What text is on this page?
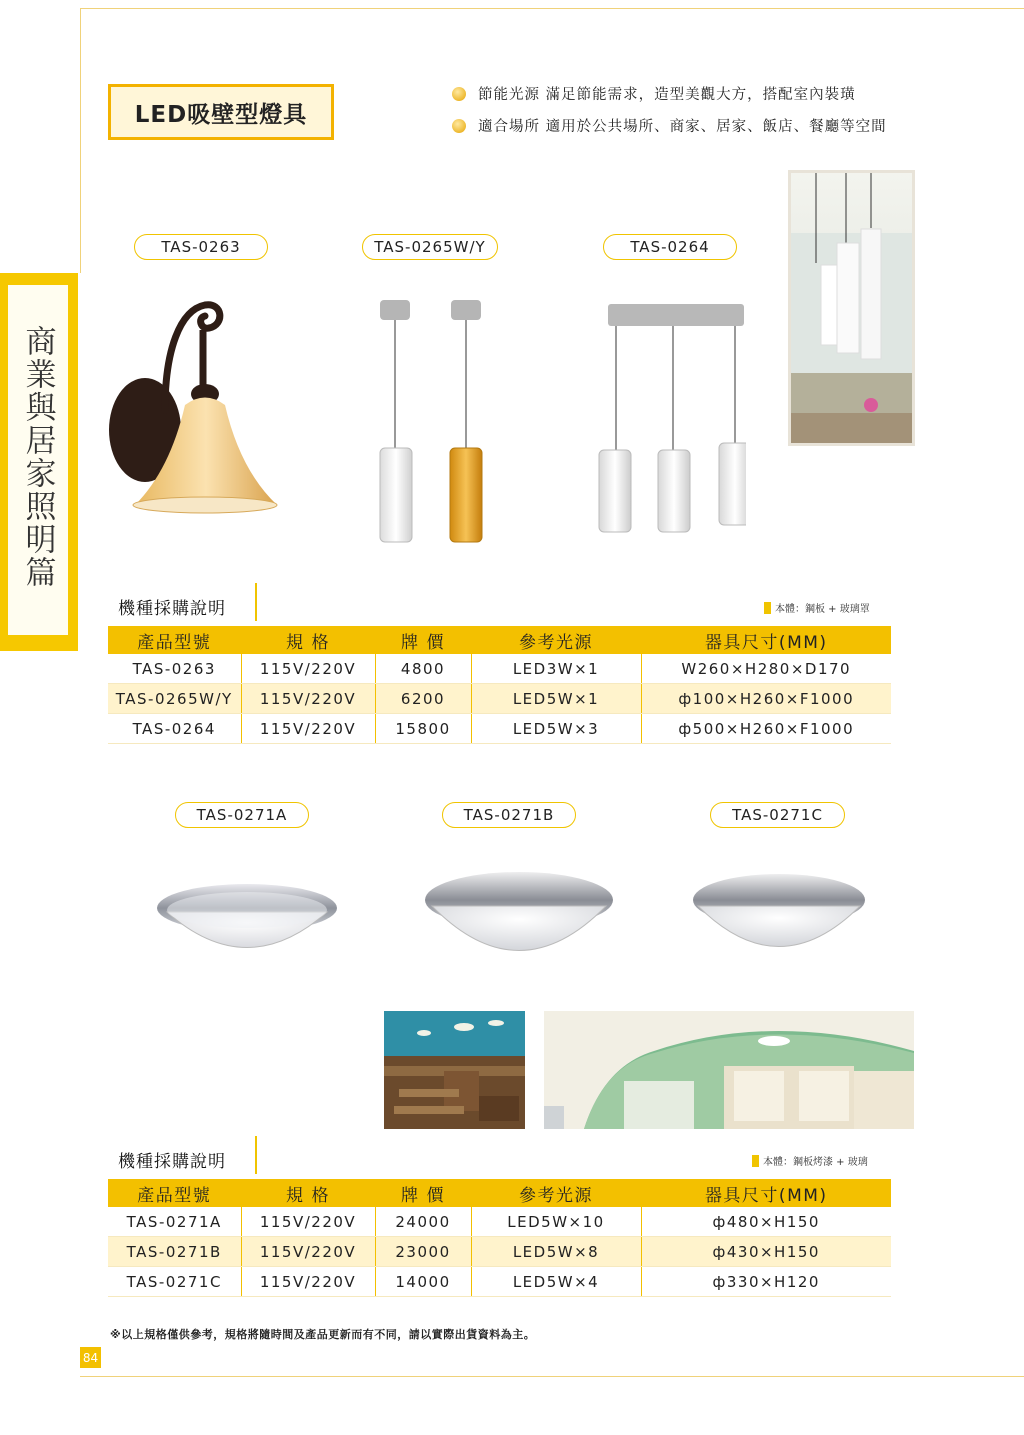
商業與居家照明篇
LED吸壁型燈具
節能光源 滿足節能需求，造型美觀大方，搭配室內裝璜
適合場所 適用於公共場所、商家、居家、飯店、餐廳等空間
TAS-0263	TAS-0265W/Y	TAS-0264
機種採購說明	本體：鋼板 + 玻璃罩
產品型號	規 格	牌 價	參考光源	器具尺寸(MM)
TAS-0263	115V/220V	4800	LED3W×1	W260×H280×D170
TAS-0265W/Y	115V/220V	6200	LED5W×1	ф100×H260×F1000
TAS-0264	115V/220V	15800	LED5W×3	ф500×H260×F1000
TAS-0271A	TAS-0271B	TAS-0271C
機種採購說明	本體：鋼板烤漆 + 玻璃
產品型號	規 格	牌 價	參考光源	器具尺寸(MM)
TAS-0271A	115V/220V	24000	LED5W×10	ф480×H150
TAS-0271B	115V/220V	23000	LED5W×8	ф430×H150
TAS-0271C	115V/220V	14000	LED5W×4	ф330×H120
※以上規格僅供參考，規格將隨時間及產品更新而有不同，請以實際出貨資料為主。
84
